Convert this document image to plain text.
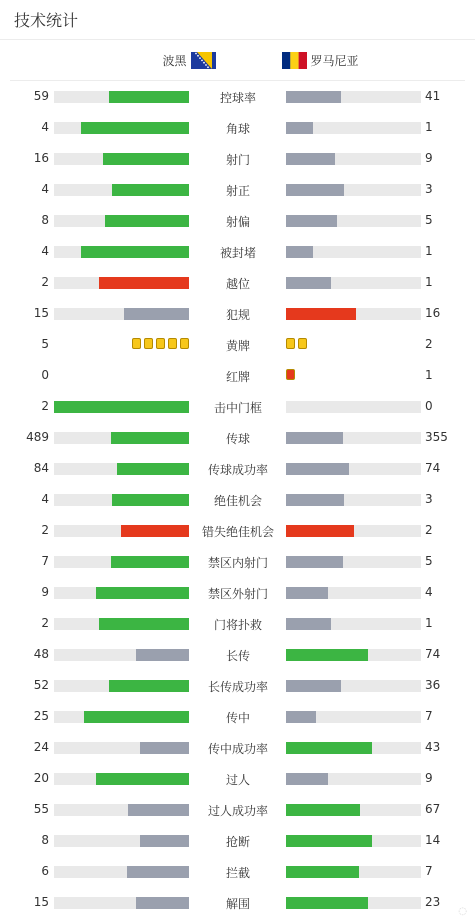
技术统计
波黑	罗马尼亚
59	控球率	41
4	角球	1
16	射门	9
4	射正	3
8	射偏	5
4	被封堵	1
2	越位	1
15	犯规	16
5	黄牌	2
0	红牌	1
2	击中门框	0
489	传球	355
84	传球成功率	74
4	绝佳机会	3
2	错失绝佳机会	2
7	禁区内射门	5
9	禁区外射门	4
2	门将扑救	1
48	长传	74
52	长传成功率	36
25	传中	7
24	传中成功率	43
20	过人	9
55	过人成功率	67
8	抢断	14
6	拦截	7
15	解围	23
◌
